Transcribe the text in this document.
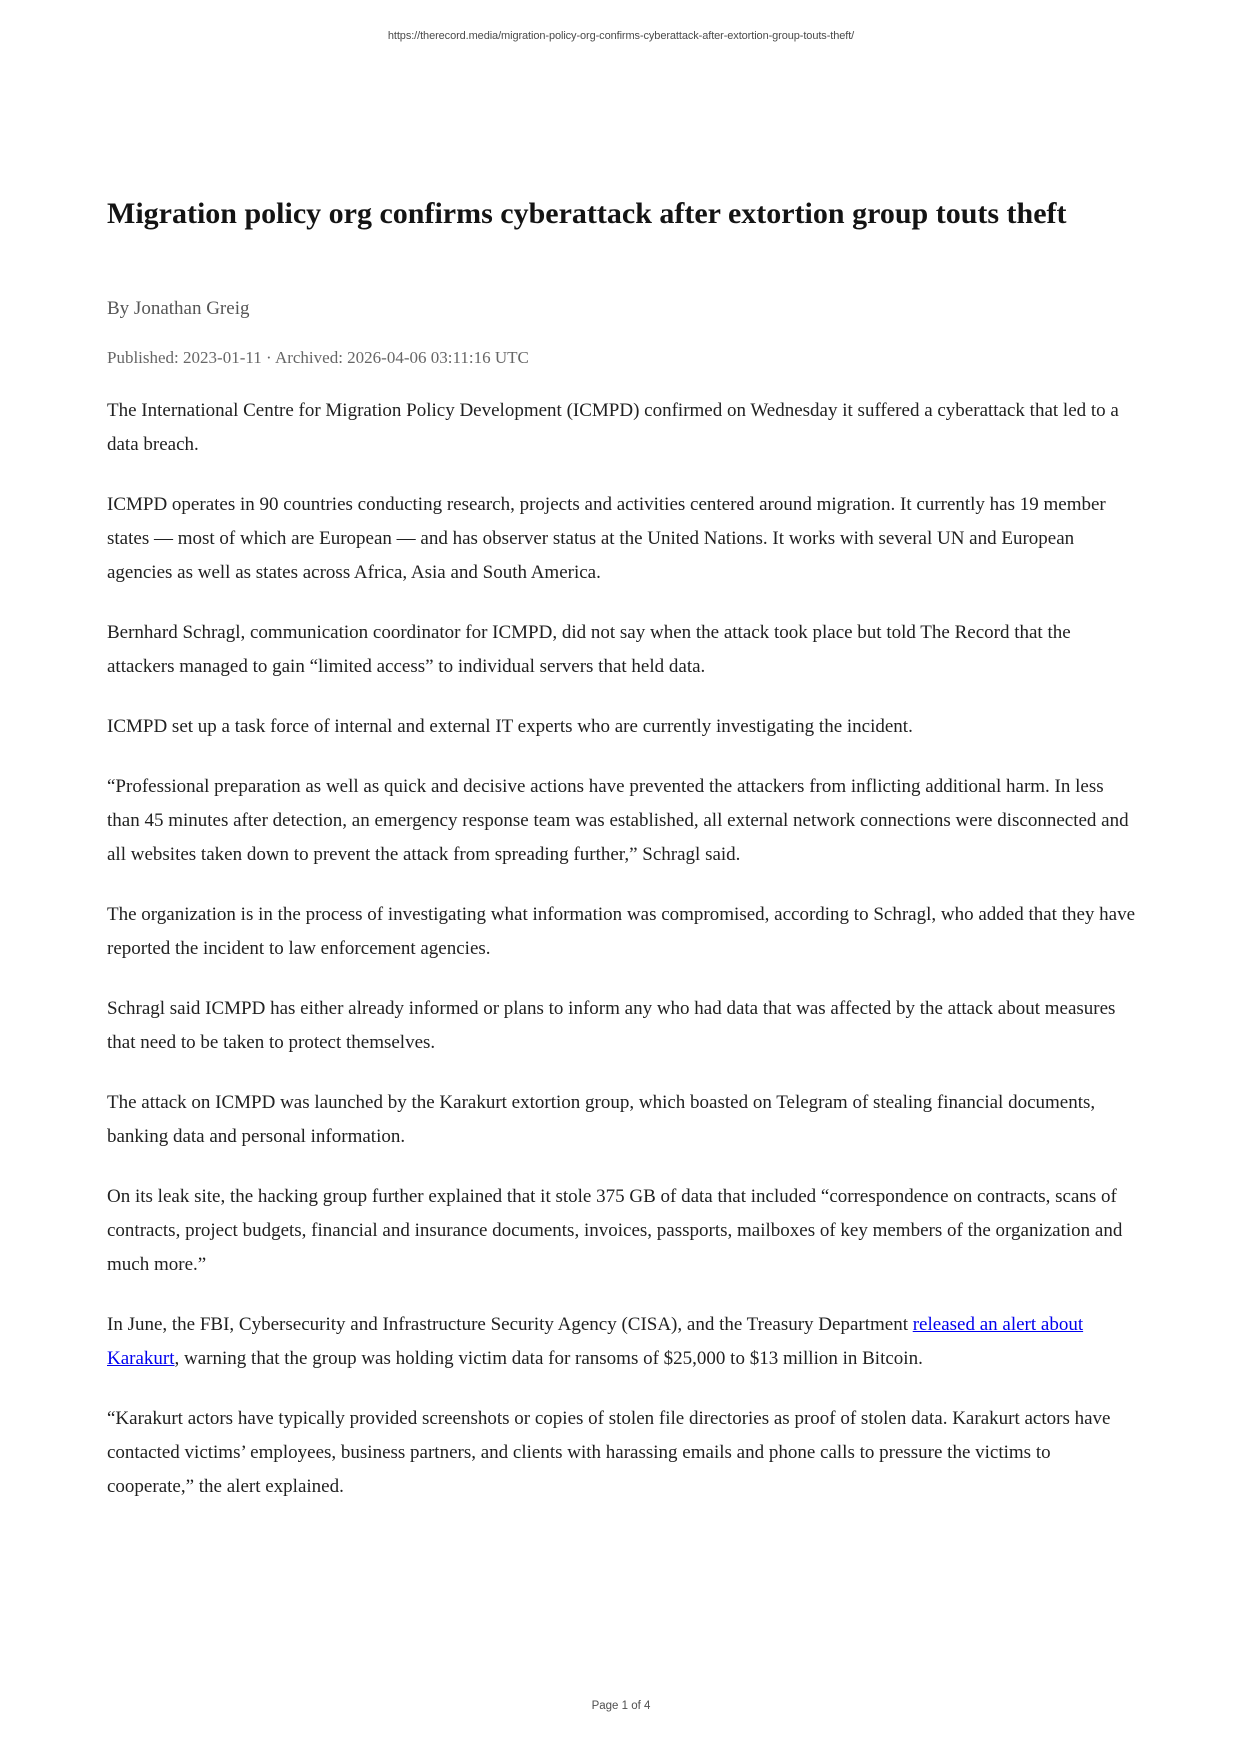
https://therecord.media/migration-policy-org-confirms-cyberattack-after-extortion-group-touts-theft/
Migration policy org confirms cyberattack after extortion group touts theft

By Jonathan Greig

Published: 2023-01-11 · Archived: 2026-04-06 03:11:16 UTC

The International Centre for Migration Policy Development (ICMPD) confirmed on Wednesday it suffered a cyberattack that led to a data breach.

ICMPD operates in 90 countries conducting research, projects and activities centered around migration. It currently has 19 member states — most of which are European — and has observer status at the United Nations. It works with several UN and European agencies as well as states across Africa, Asia and South America.

Bernhard Schragl, communication coordinator for ICMPD, did not say when the attack took place but told The Record that the attackers managed to gain “limited access” to individual servers that held data.

ICMPD set up a task force of internal and external IT experts who are currently investigating the incident.

“Professional preparation as well as quick and decisive actions have prevented the attackers from inflicting additional harm. In less than 45 minutes after detection, an emergency response team was established, all external network connections were disconnected and all websites taken down to prevent the attack from spreading further,” Schragl said.

The organization is in the process of investigating what information was compromised, according to Schragl, who added that they have reported the incident to law enforcement agencies.

Schragl said ICMPD has either already informed or plans to inform any who had data that was affected by the attack about measures that need to be taken to protect themselves.

The attack on ICMPD was launched by the Karakurt extortion group, which boasted on Telegram of stealing financial documents, banking data and personal information.

On its leak site, the hacking group further explained that it stole 375 GB of data that included “correspondence on contracts, scans of contracts, project budgets, financial and insurance documents, invoices, passports, mailboxes of key members of the organization and much more.”

In June, the FBI, Cybersecurity and Infrastructure Security Agency (CISA), and the Treasury Department released an alert about Karakurt, warning that the group was holding victim data for ransoms of $25,000 to $13 million in Bitcoin.

“Karakurt actors have typically provided screenshots or copies of stolen file directories as proof of stolen data. Karakurt actors have contacted victims’ employees, business partners, and clients with harassing emails and phone calls to pressure the victims to cooperate,” the alert explained.

Page 1 of 4
